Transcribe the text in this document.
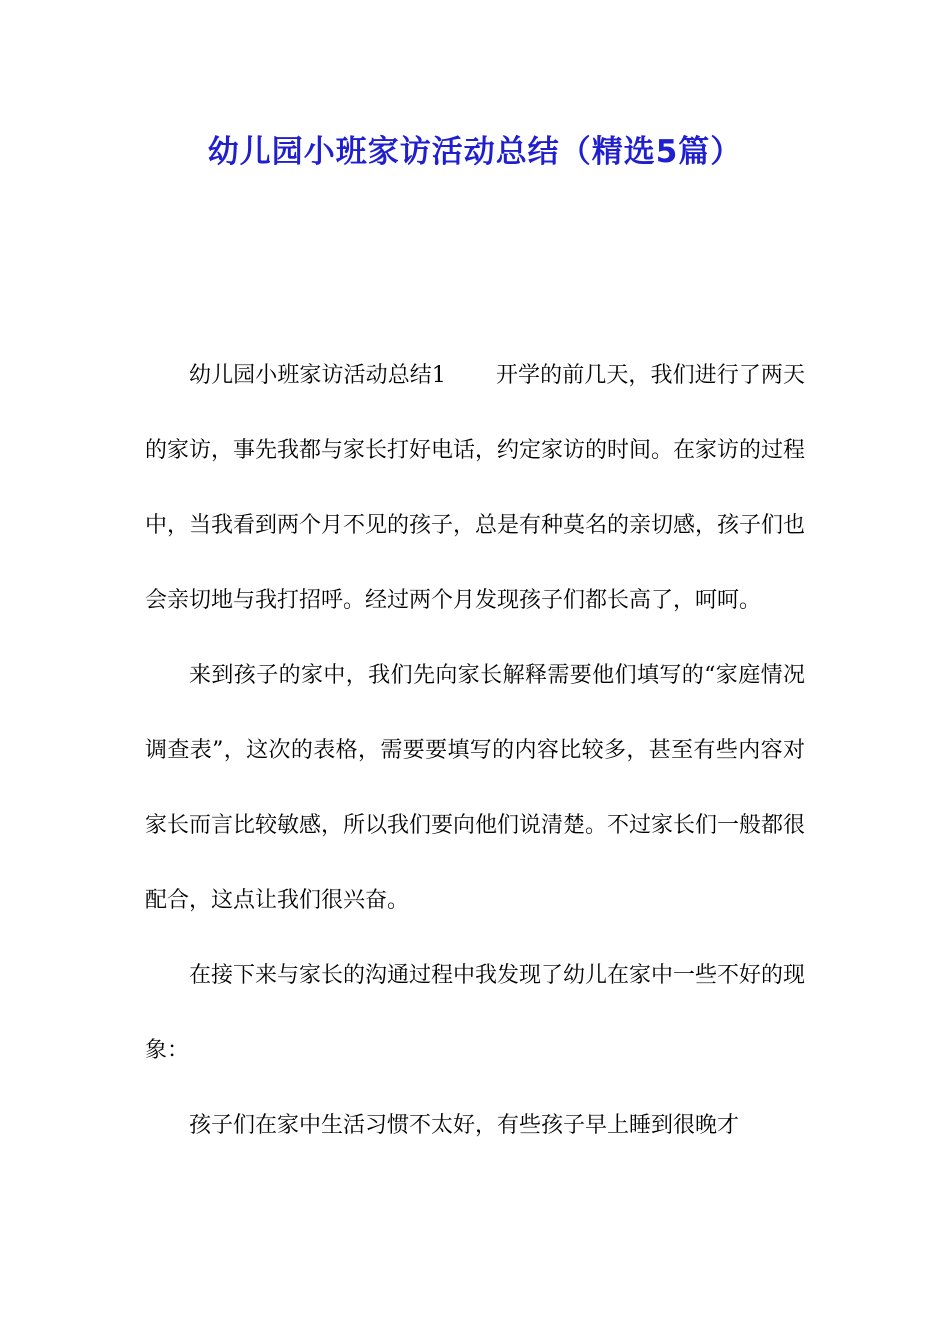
幼儿园小班家访活动总结（精选5篇）

幼儿园小班家访活动总结1 开学的前几天，我们进行了两天的家访，事先我都与家长打好电话，约定家访的时间。在家访的过程中，当我看到两个月不见的孩子，总是有种莫名的亲切感，孩子们也会亲切地与我打招呼。经过两个月发现孩子们都长高了，呵呵。

来到孩子的家中，我们先向家长解释需要他们填写的“家庭情况调查表”，这次的表格，需要要填写的内容比较多，甚至有些内容对家长而言比较敏感，所以我们要向他们说清楚。不过家长们一般都很配合，这点让我们很兴奋。

在接下来与家长的沟通过程中我发现了幼儿在家中一些不好的现象：

孩子们在家中生活习惯不太好，有些孩子早上睡到很晚才
